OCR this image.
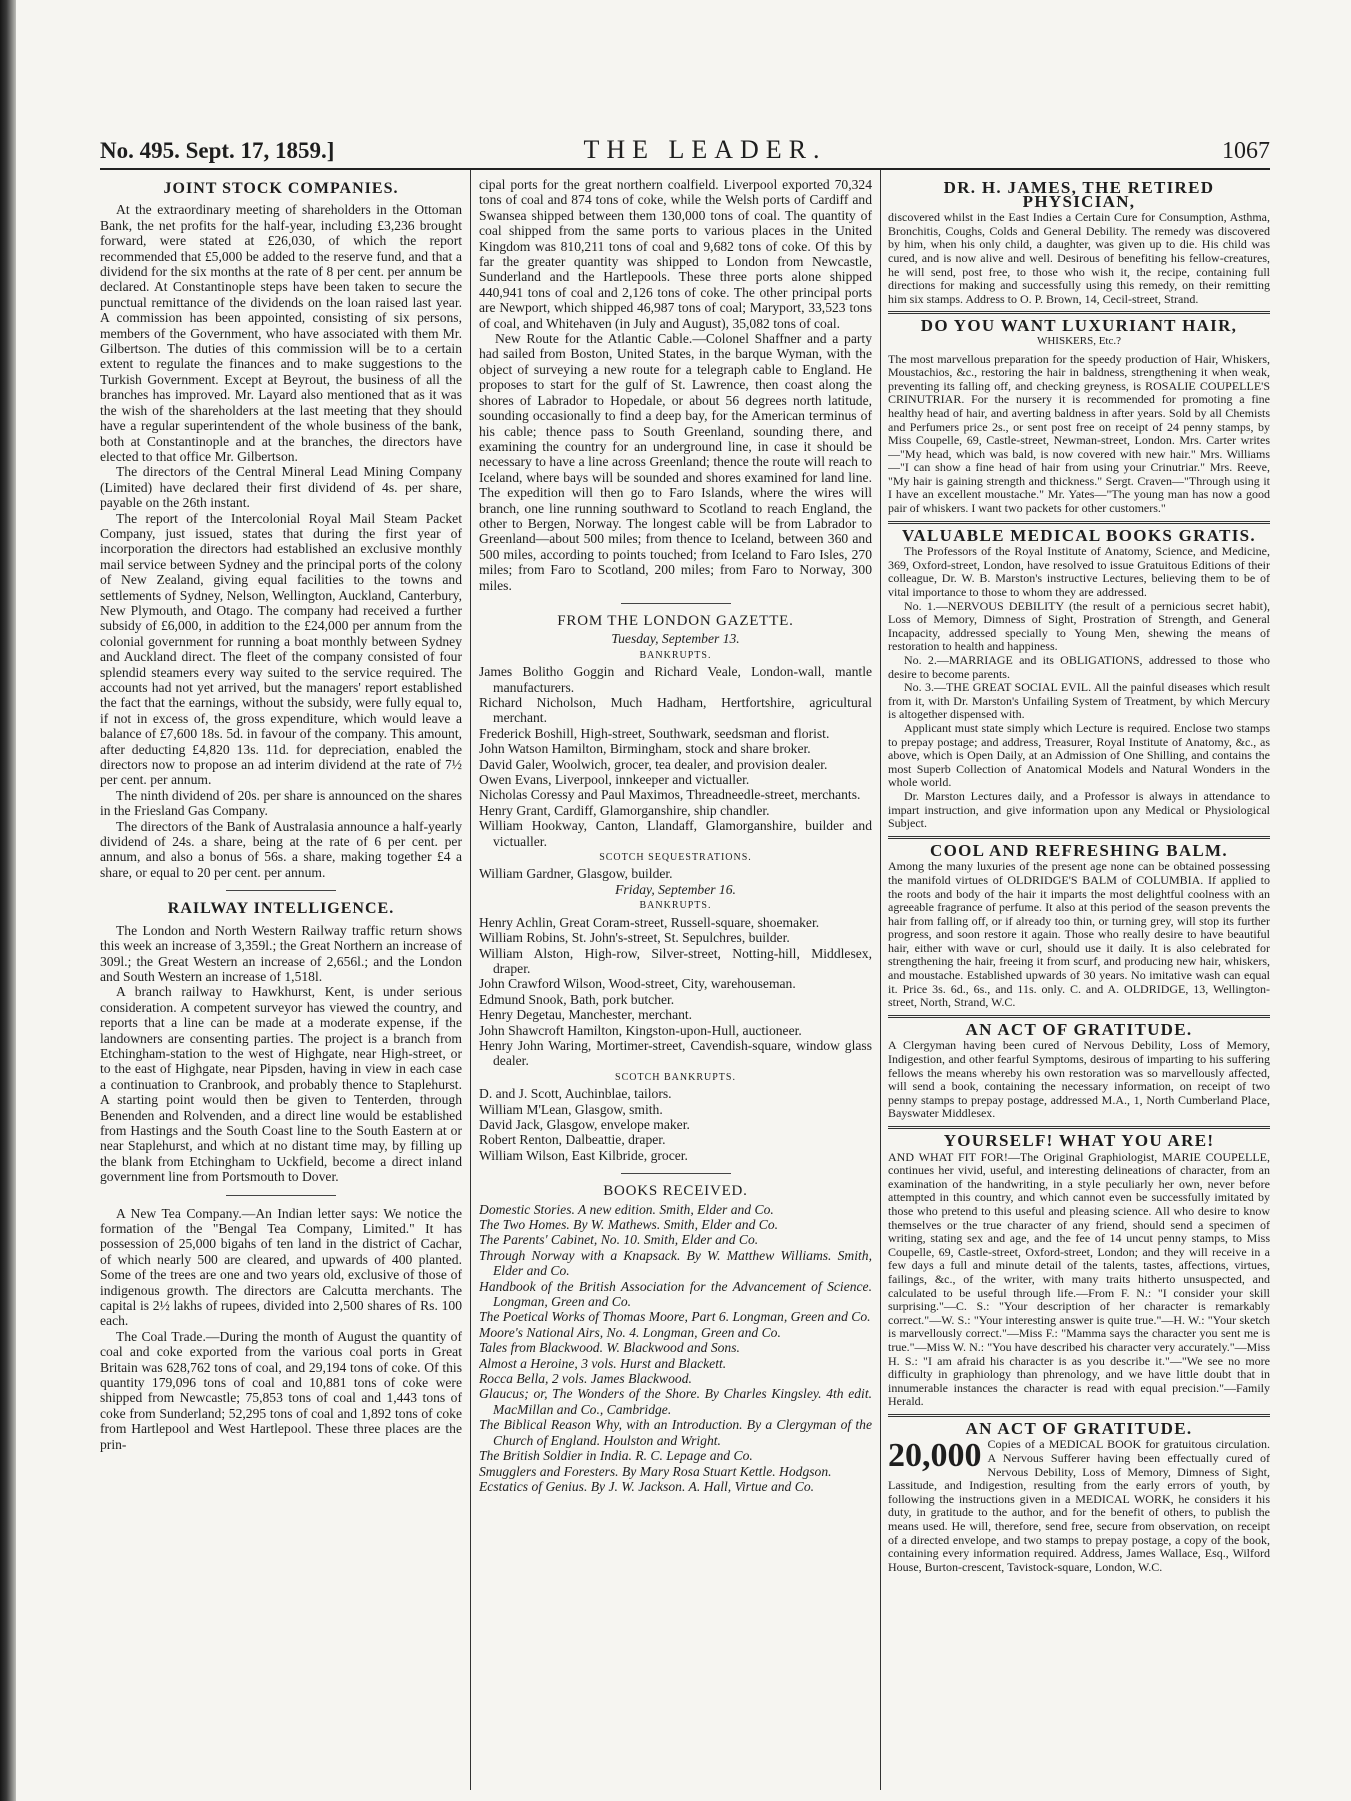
No. 495. Sept. 17, 1859.]	THE LEADER.	1067
JOINT STOCK COMPANIES.

At the extraordinary meeting of shareholders in the Ottoman Bank, the net profits for the half-year, including £3,236 brought forward, were stated at £26,030, of which the report recommended that £5,000 be added to the reserve fund, and that a dividend for the six months at the rate of 8 per cent. per annum be declared. At Constantinople steps have been taken to secure the punctual remittance of the dividends on the loan raised last year. A commission has been appointed, consisting of six persons, members of the Government, who have associated with them Mr. Gilbertson. The duties of this commission will be to a certain extent to regulate the finances and to make suggestions to the Turkish Government. Except at Beyrout, the business of all the branches has improved. Mr. Layard also mentioned that as it was the wish of the shareholders at the last meeting that they should have a regular superintendent of the whole business of the bank, both at Constantinople and at the branches, the directors have elected to that office Mr. Gilbertson.

The directors of the Central Mineral Lead Mining Company (Limited) have declared their first dividend of 4s. per share, payable on the 26th instant.

The report of the Intercolonial Royal Mail Steam Packet Company, just issued, states that during the first year of incorporation the directors had established an exclusive monthly mail service between Sydney and the principal ports of the colony of New Zealand, giving equal facilities to the towns and settlements of Sydney, Nelson, Wellington, Auckland, Canterbury, New Plymouth, and Otago. The company had received a further subsidy of £6,000, in addition to the £24,000 per annum from the colonial government for running a boat monthly between Sydney and Auckland direct. The fleet of the company consisted of four splendid steamers every way suited to the service required. The accounts had not yet arrived, but the managers' report established the fact that the earnings, without the subsidy, were fully equal to, if not in excess of, the gross expenditure, which would leave a balance of £7,600 18s. 5d. in favour of the company. This amount, after deducting £4,820 13s. 11d. for depreciation, enabled the directors now to propose an ad interim dividend at the rate of 7½ per cent. per annum.

The ninth dividend of 20s. per share is announced on the shares in the Friesland Gas Company.

The directors of the Bank of Australasia announce a half-yearly dividend of 24s. a share, being at the rate of 6 per cent. per annum, and also a bonus of 56s. a share, making together £4 a share, or equal to 20 per cent. per annum.

RAILWAY INTELLIGENCE.

The London and North Western Railway traffic return shows this week an increase of 3,359l.; the Great Northern an increase of 309l.; the Great Western an increase of 2,656l.; and the London and South Western an increase of 1,518l.

A branch railway to Hawkhurst, Kent, is under serious consideration. A competent surveyor has viewed the country, and reports that a line can be made at a moderate expense, if the landowners are consenting parties. The project is a branch from Etchingham-station to the west of Highgate, near High-street, or to the east of Highgate, near Pipsden, having in view in each case a continuation to Cranbrook, and probably thence to Staplehurst. A starting point would then be given to Tenterden, through Benenden and Rolvenden, and a direct line would be established from Hastings and the South Coast line to the South Eastern at or near Staplehurst, and which at no distant time may, by filling up the blank from Etchingham to Uckfield, become a direct inland government line from Portsmouth to Dover.

A New Tea Company.—An Indian letter says: We notice the formation of the "Bengal Tea Company, Limited." It has possession of 25,000 bigahs of ten land in the district of Cachar, of which nearly 500 are cleared, and upwards of 400 planted. Some of the trees are one and two years old, exclusive of those of indigenous growth. The directors are Calcutta merchants. The capital is 2½ lakhs of rupees, divided into 2,500 shares of Rs. 100 each.

The Coal Trade.—During the month of August the quantity of coal and coke exported from the various coal ports in Great Britain was 628,762 tons of coal, and 29,194 tons of coke. Of this quantity 179,096 tons of coal and 10,881 tons of coke were shipped from Newcastle; 75,853 tons of coal and 1,443 tons of coke from Sunderland; 52,295 tons of coal and 1,892 tons of coke from Hartlepool and West Hartlepool. These three places are the prin-

cipal ports for the great northern coalfield. Liverpool exported 70,324 tons of coal and 874 tons of coke, while the Welsh ports of Cardiff and Swansea shipped between them 130,000 tons of coal. The quantity of coal shipped from the same ports to various places in the United Kingdom was 810,211 tons of coal and 9,682 tons of coke. Of this by far the greater quantity was shipped to London from Newcastle, Sunderland and the Hartlepools. These three ports alone shipped 440,941 tons of coal and 2,126 tons of coke. The other principal ports are Newport, which shipped 46,987 tons of coal; Maryport, 33,523 tons of coal, and Whitehaven (in July and August), 35,082 tons of coal.

New Route for the Atlantic Cable.—Colonel Shaffner and a party had sailed from Boston, United States, in the barque Wyman, with the object of surveying a new route for a telegraph cable to England. He proposes to start for the gulf of St. Lawrence, then coast along the shores of Labrador to Hopedale, or about 56 degrees north latitude, sounding occasionally to find a deep bay, for the American terminus of his cable; thence pass to South Greenland, sounding there, and examining the country for an underground line, in case it should be necessary to have a line across Greenland; thence the route will reach to Iceland, where bays will be sounded and shores examined for land line. The expedition will then go to Faro Islands, where the wires will branch, one line running southward to Scotland to reach England, the other to Bergen, Norway. The longest cable will be from Labrador to Greenland—about 500 miles; from thence to Iceland, between 360 and 500 miles, according to points touched; from Iceland to Faro Isles, 270 miles; from Faro to Scotland, 200 miles; from Faro to Norway, 300 miles.

FROM THE LONDON GAZETTE.
Tuesday, September 13.
BANKRUPTS.

James Bolitho Goggin and Richard Veale, London-wall, mantle manufacturers.

Richard Nicholson, Much Hadham, Hertfortshire, agricultural merchant.

Frederick Boshill, High-street, Southwark, seedsman and florist.

John Watson Hamilton, Birmingham, stock and share broker.

David Galer, Woolwich, grocer, tea dealer, and provision dealer.

Owen Evans, Liverpool, innkeeper and victualler.

Nicholas Coressy and Paul Maximos, Threadneedle-street, merchants.

Henry Grant, Cardiff, Glamorganshire, ship chandler.

William Hookway, Canton, Llandaff, Glamorganshire, builder and victualler.

SCOTCH SEQUESTRATIONS.

William Gardner, Glasgow, builder.

Friday, September 16.
BANKRUPTS.

Henry Achlin, Great Coram-street, Russell-square, shoemaker.

William Robins, St. John's-street, St. Sepulchres, builder.

William Alston, High-row, Silver-street, Notting-hill, Middlesex, draper.

John Crawford Wilson, Wood-street, City, warehouseman.

Edmund Snook, Bath, pork butcher.

Henry Degetau, Manchester, merchant.

John Shawcroft Hamilton, Kingston-upon-Hull, auctioneer.

Henry John Waring, Mortimer-street, Cavendish-square, window glass dealer.

SCOTCH BANKRUPTS.

D. and J. Scott, Auchinblae, tailors.

William M'Lean, Glasgow, smith.

David Jack, Glasgow, envelope maker.

Robert Renton, Dalbeattie, draper.

William Wilson, East Kilbride, grocer.

BOOKS RECEIVED.

Domestic Stories. A new edition. Smith, Elder and Co.

The Two Homes. By W. Mathews. Smith, Elder and Co.

The Parents' Cabinet, No. 10. Smith, Elder and Co.

Through Norway with a Knapsack. By W. Matthew Williams. Smith, Elder and Co.

Handbook of the British Association for the Advancement of Science. Longman, Green and Co.

The Poetical Works of Thomas Moore, Part 6. Longman, Green and Co.

Moore's National Airs, No. 4. Longman, Green and Co.

Tales from Blackwood. W. Blackwood and Sons.

Almost a Heroine, 3 vols. Hurst and Blackett.

Rocca Bella, 2 vols. James Blackwood.

Glaucus; or, The Wonders of the Shore. By Charles Kingsley. 4th edit. MacMillan and Co., Cambridge.

The Biblical Reason Why, with an Introduction. By a Clergyman of the Church of England. Houlston and Wright.

The British Soldier in India. R. C. Lepage and Co.

Smugglers and Foresters. By Mary Rosa Stuart Kettle. Hodgson.

Ecstatics of Genius. By J. W. Jackson. A. Hall, Virtue and Co.

DR. H. JAMES, THE RETIRED PHYSICIAN,

discovered whilst in the East Indies a Certain Cure for Consumption, Asthma, Bronchitis, Coughs, Colds and General Debility. The remedy was discovered by him, when his only child, a daughter, was given up to die. His child was cured, and is now alive and well. Desirous of benefiting his fellow-creatures, he will send, post free, to those who wish it, the recipe, containing full directions for making and successfully using this remedy, on their remitting him six stamps. Address to O. P. Brown, 14, Cecil-street, Strand.

DO YOU WANT LUXURIANT HAIR,
WHISKERS, Etc.?

The most marvellous preparation for the speedy production of Hair, Whiskers, Moustachios, &c., restoring the hair in baldness, strengthening it when weak, preventing its falling off, and checking greyness, is ROSALIE COUPELLE'S CRINUTRIAR. For the nursery it is recommended for promoting a fine healthy head of hair, and averting baldness in after years. Sold by all Chemists and Perfumers price 2s., or sent post free on receipt of 24 penny stamps, by Miss Coupelle, 69, Castle-street, Newman-street, London. Mrs. Carter writes—"My head, which was bald, is now covered with new hair." Mrs. Williams—"I can show a fine head of hair from using your Crinutriar." Mrs. Reeve, "My hair is gaining strength and thickness." Sergt. Craven—"Through using it I have an excellent moustache." Mr. Yates—"The young man has now a good pair of whiskers. I want two packets for other customers."

VALUABLE MEDICAL BOOKS GRATIS.

The Professors of the Royal Institute of Anatomy, Science, and Medicine, 369, Oxford-street, London, have resolved to issue Gratuitous Editions of their colleague, Dr. W. B. Marston's instructive Lectures, believing them to be of vital importance to those to whom they are addressed.

No. 1.—NERVOUS DEBILITY (the result of a pernicious secret habit), Loss of Memory, Dimness of Sight, Prostration of Strength, and General Incapacity, addressed specially to Young Men, shewing the means of restoration to health and happiness.

No. 2.—MARRIAGE and its OBLIGATIONS, addressed to those who desire to become parents.

No. 3.—THE GREAT SOCIAL EVIL. All the painful diseases which result from it, with Dr. Marston's Unfailing System of Treatment, by which Mercury is altogether dispensed with.

Applicant must state simply which Lecture is required. Enclose two stamps to prepay postage; and address, Treasurer, Royal Institute of Anatomy, &c., as above, which is Open Daily, at an Admission of One Shilling, and contains the most Superb Collection of Anatomical Models and Natural Wonders in the whole world.

Dr. Marston Lectures daily, and a Professor is always in attendance to impart instruction, and give information upon any Medical or Physiological Subject.

COOL AND REFRESHING BALM.

Among the many luxuries of the present age none can be obtained possessing the manifold virtues of OLDRIDGE'S BALM of COLUMBIA. If applied to the roots and body of the hair it imparts the most delightful coolness with an agreeable fragrance of perfume. It also at this period of the season prevents the hair from falling off, or if already too thin, or turning grey, will stop its further progress, and soon restore it again. Those who really desire to have beautiful hair, either with wave or curl, should use it daily. It is also celebrated for strengthening the hair, freeing it from scurf, and producing new hair, whiskers, and moustache. Established upwards of 30 years. No imitative wash can equal it. Price 3s. 6d., 6s., and 11s. only. C. and A. OLDRIDGE, 13, Wellington-street, North, Strand, W.C.

AN ACT OF GRATITUDE.

A Clergyman having been cured of Nervous Debility, Loss of Memory, Indigestion, and other fearful Symptoms, desirous of imparting to his suffering fellows the means whereby his own restoration was so marvellously affected, will send a book, containing the necessary information, on receipt of two penny stamps to prepay postage, addressed M.A., 1, North Cumberland Place, Bayswater Middlesex.

YOURSELF! WHAT YOU ARE!

AND WHAT FIT FOR!—The Original Graphiologist, MARIE COUPELLE, continues her vivid, useful, and interesting delineations of character, from an examination of the handwriting, in a style peculiarly her own, never before attempted in this country, and which cannot even be successfully imitated by those who pretend to this useful and pleasing science. All who desire to know themselves or the true character of any friend, should send a specimen of writing, stating sex and age, and the fee of 14 uncut penny stamps, to Miss Coupelle, 69, Castle-street, Oxford-street, London; and they will receive in a few days a full and minute detail of the talents, tastes, affections, virtues, failings, &c., of the writer, with many traits hitherto unsuspected, and calculated to be useful through life.—From F. N.: "I consider your skill surprising."—C. S.: "Your description of her character is remarkably correct."—W. S.: "Your interesting answer is quite true."—H. W.: "Your sketch is marvellously correct."—Miss F.: "Mamma says the character you sent me is true."—Miss W. N.: "You have described his character very accurately."—Miss H. S.: "I am afraid his character is as you describe it."—"We see no more difficulty in graphiology than phrenology, and we have little doubt that in innumerable instances the character is read with equal precision."—Family Herald.

AN ACT OF GRATITUDE.
20,000 Copies of a MEDICAL BOOK for gratuitous circulation. A Nervous Sufferer having been effectually cured of Nervous Debility, Loss of Memory, Dimness of Sight, Lassitude, and Indigestion, resulting from the early errors of youth, by following the instructions given in a MEDICAL WORK, he considers it his duty, in gratitude to the author, and for the benefit of others, to publish the means used. He will, therefore, send free, secure from observation, on receipt of a directed envelope, and two stamps to prepay postage, a copy of the book, containing every information required. Address, James Wallace, Esq., Wilford House, Burton-crescent, Tavistock-square, London, W.C.
